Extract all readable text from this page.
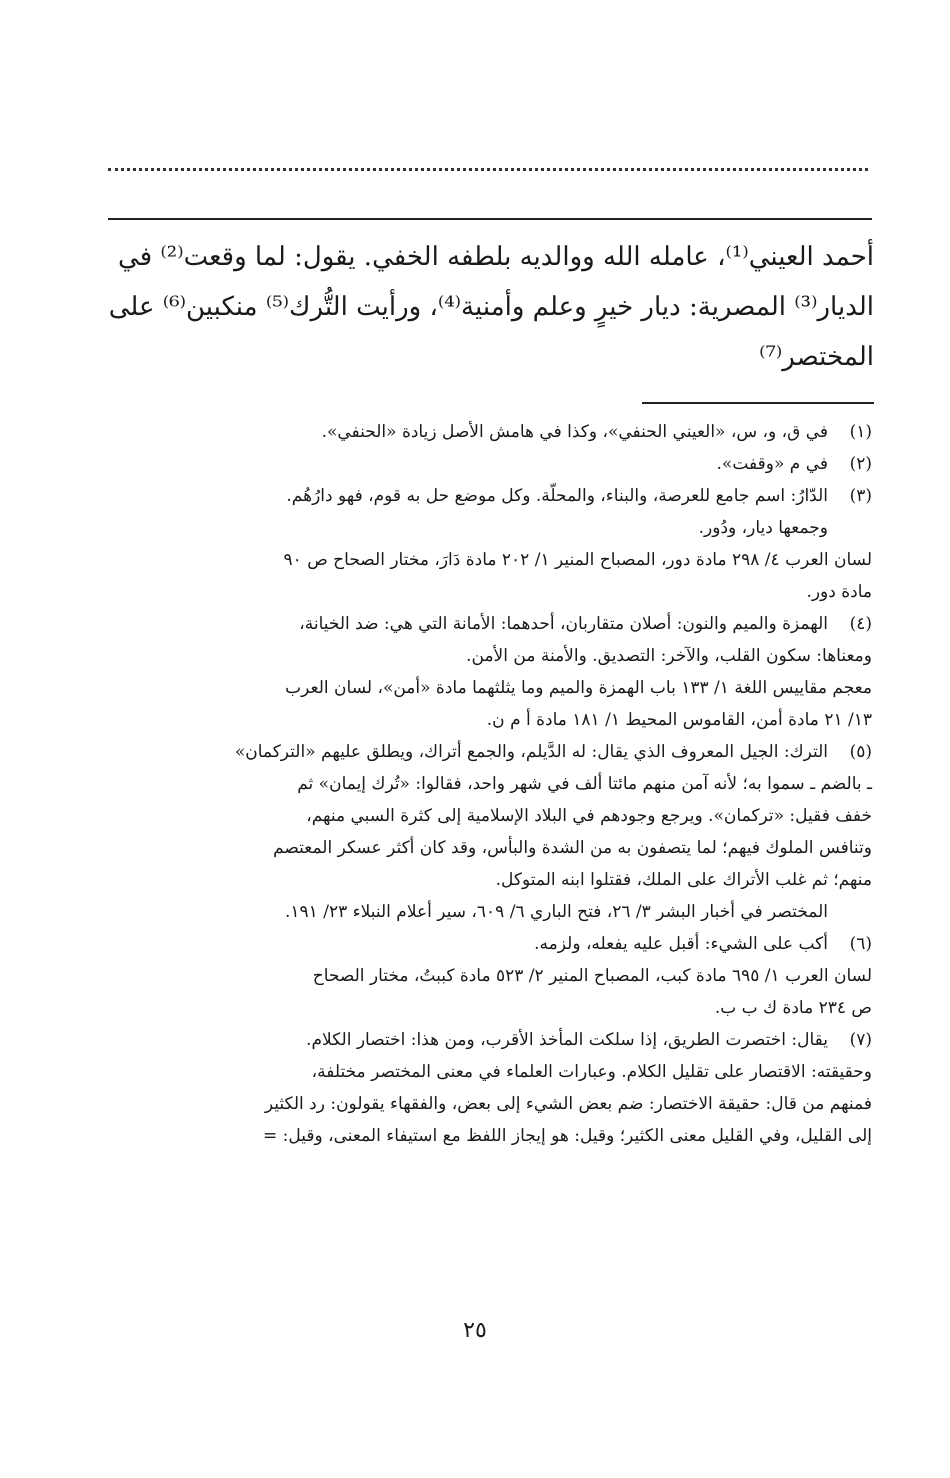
أحمد العيني⁽¹⁾، عامله الله ووالديه بلطفه الخفي. يقول: لما وقعت⁽²⁾ في

الديار⁽³⁾ المصرية: ديار خيرٍ وعلم وأمنية⁽⁴⁾، ورأيت التُّرك⁽⁵⁾ منكبين⁽⁶⁾ على

المختصر⁽⁷⁾

(١)

في ق، و، س، «العيني الحنفي»، وكذا في هامش الأصل زيادة «الحنفي».

(٢)

في م «وقفت».

(٣)

الدّارُ: اسم جامع للعرصة، والبناء، والمحلّة. وكل موضع حل به قوم، فهو دارُهُم.

وجمعها ديار، ودُور.

لسان العرب ٤/ ٢٩٨ مادة دور، المصباح المنير ١/ ٢٠٢ مادة دَارَ، مختار الصحاح ص ٩٠

مادة دور.

(٤)

الهمزة والميم والنون: أصلان متقاربان، أحدهما: الأمانة التي هي: ضد الخيانة،

ومعناها: سكون القلب، والآخر: التصديق. والأمنة من الأمن.

معجم مقاييس اللغة ١/ ١٣٣ باب الهمزة والميم وما يثلثهما مادة «أمن»، لسان العرب

١٣/ ٢١ مادة أمن، القاموس المحيط ١/ ١٨١ مادة أ م ن.

(٥)

الترك: الجيل المعروف الذي يقال: له الدَّيلم، والجمع أتراك، ويطلق عليهم «التركمان»

ـ بالضم ـ سموا به؛ لأنه آمن منهم مائتا ألف في شهر واحد، فقالوا: «تُرك إيمان» ثم

خفف فقيل: «تركمان». ويرجع وجودهم في البلاد الإسلامية إلى كثرة السبي منهم،

وتنافس الملوك فيهم؛ لما يتصفون به من الشدة والبأس، وقد كان أكثر عسكر المعتصم

منهم؛ ثم غلب الأتراك على الملك، فقتلوا ابنه المتوكل.

المختصر في أخبار البشر ٣/ ٢٦، فتح الباري ٦/ ٦٠٩، سير أعلام النبلاء ٢٣/ ١٩١.

(٦)

أكب على الشيء: أقبل عليه يفعله، ولزمه.

لسان العرب ١/ ٦٩٥ مادة كبب، المصباح المنير ٢/ ٥٢٣ مادة كببتُ، مختار الصحاح

ص ٢٣٤ مادة ك ب ب.

(٧)

يقال: اختصرت الطريق، إذا سلكت المأخذ الأقرب، ومن هذا: اختصار الكلام.

وحقيقته: الاقتصار على تقليل الكلام. وعبارات العلماء في معنى المختصر مختلفة،

فمنهم من قال: حقيقة الاختصار: ضم بعض الشيء إلى بعض، والفقهاء يقولون: رد الكثير

إلى القليل، وفي القليل معنى الكثير؛ وقيل: هو إيجاز اللفظ مع استيفاء المعنى، وقيل: =

٢٥
